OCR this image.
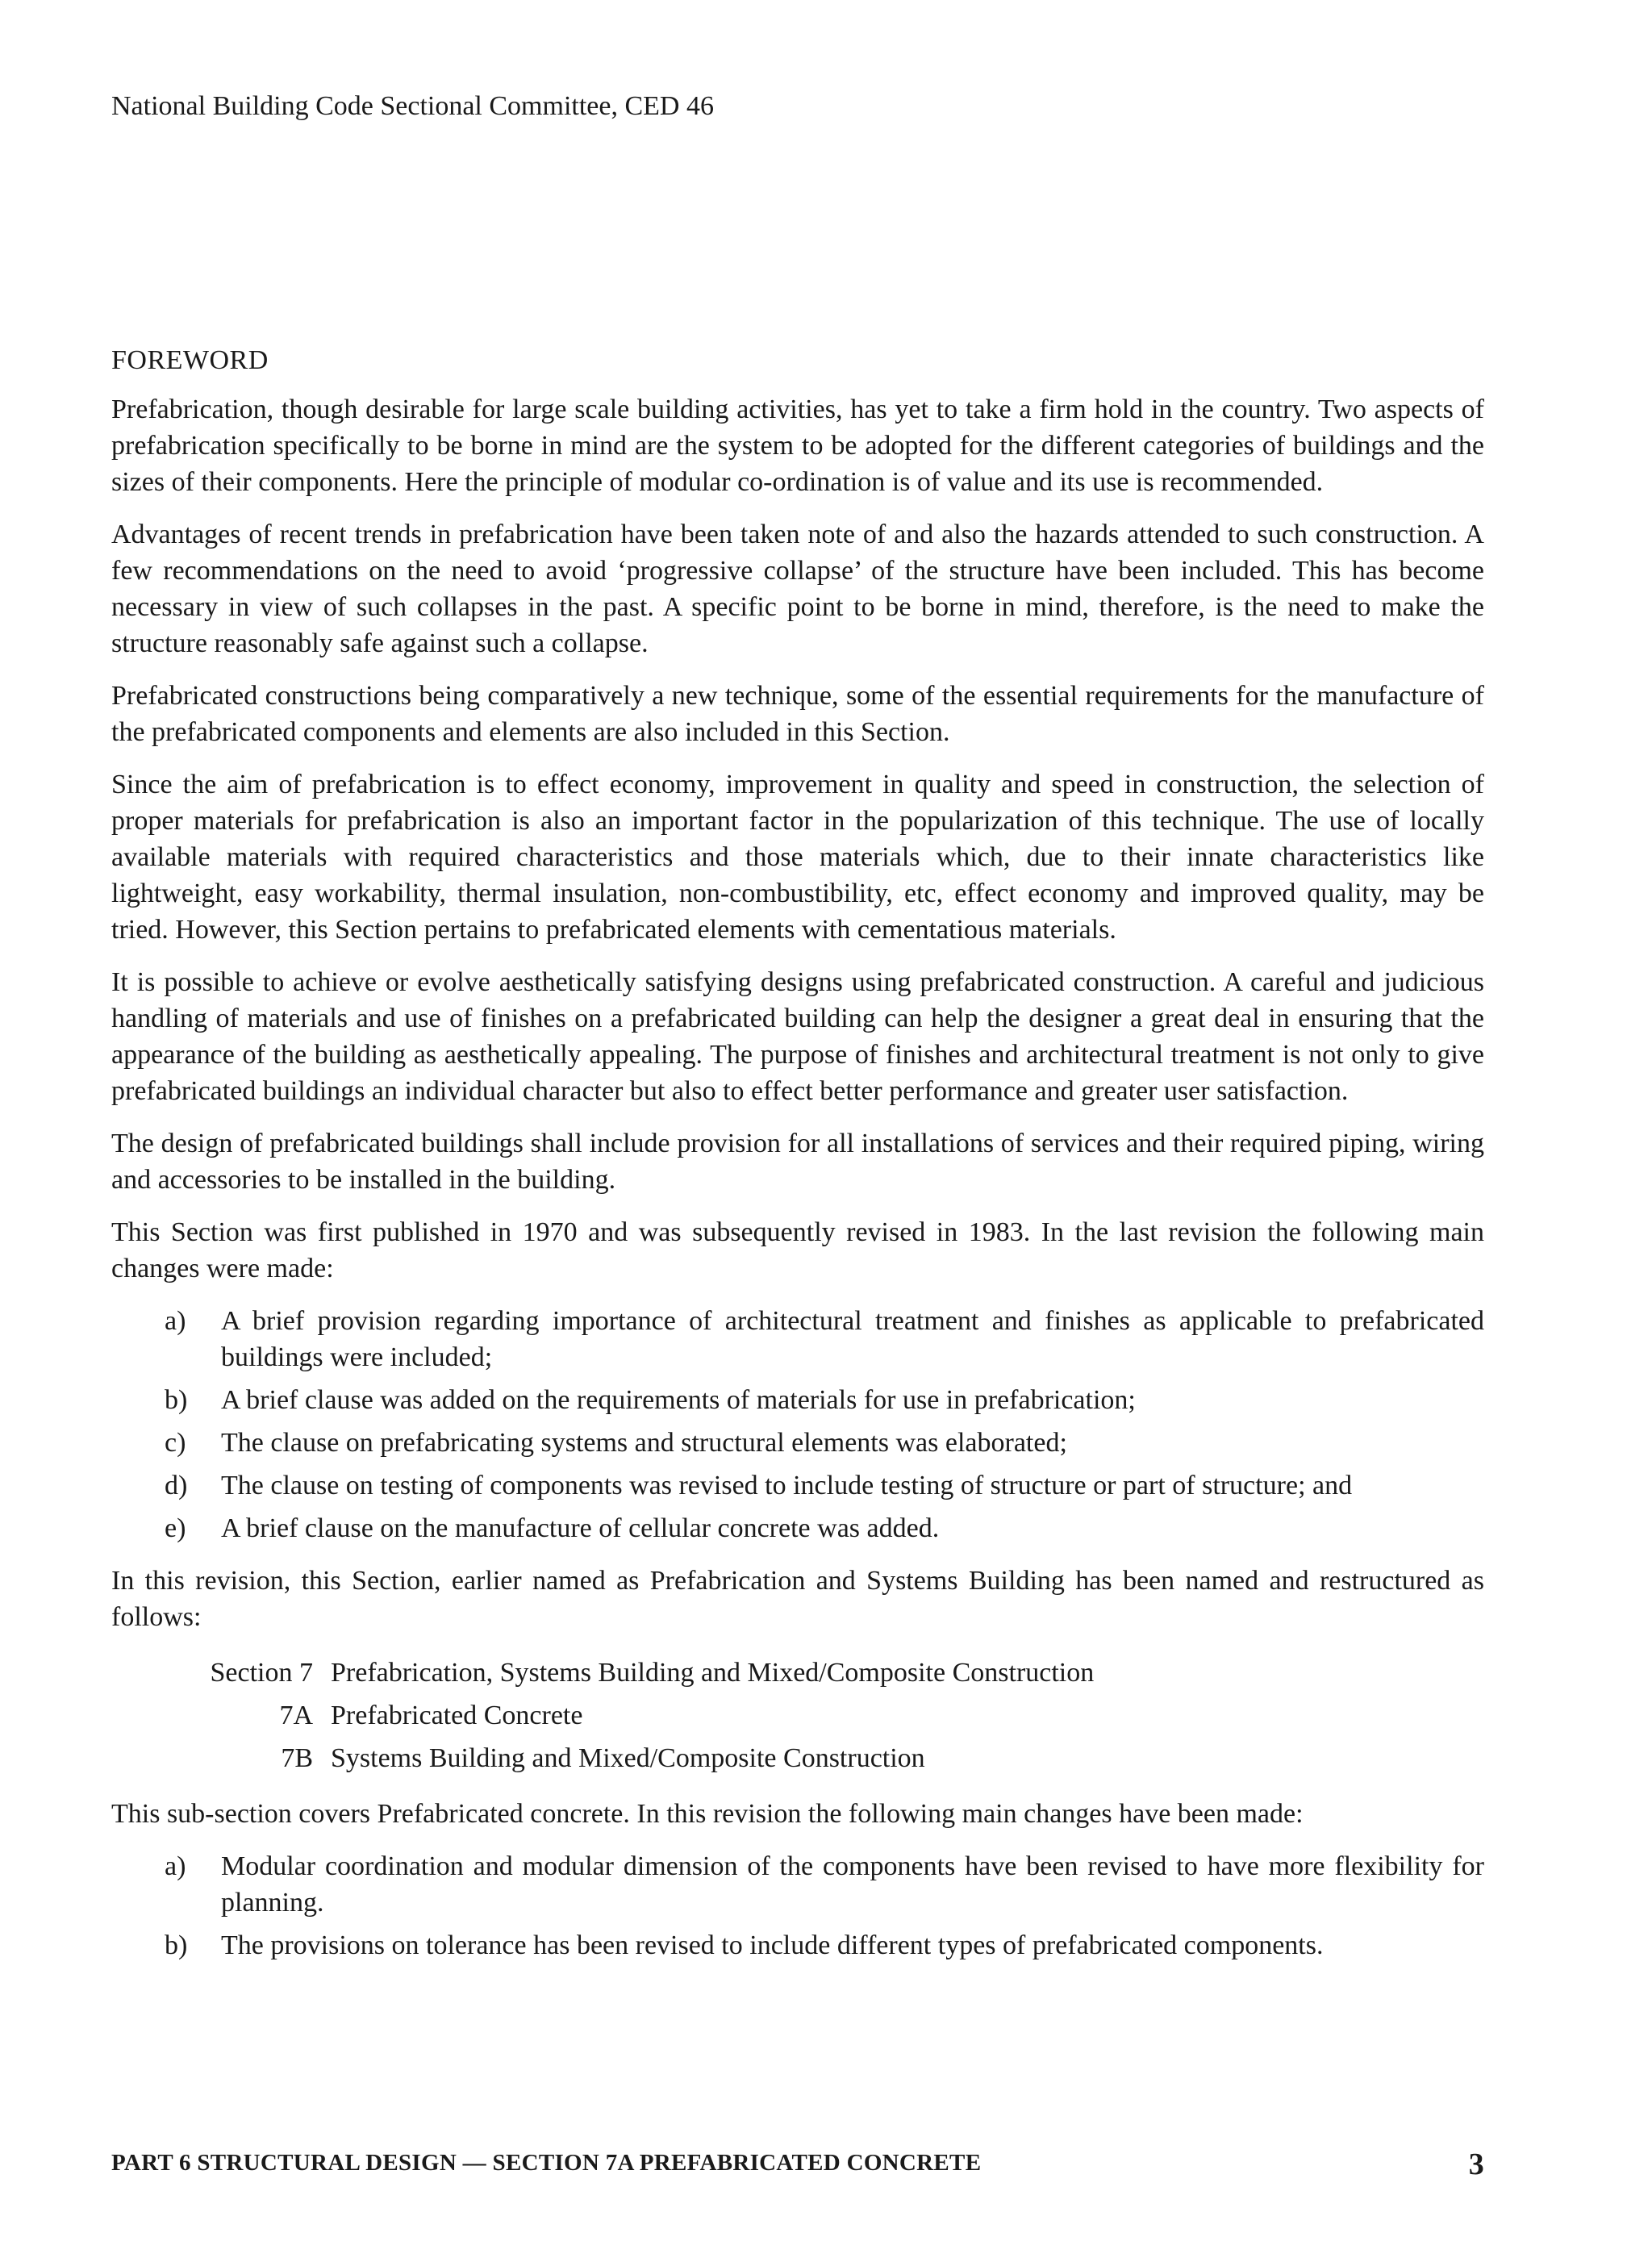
National Building Code Sectional Committee, CED 46
FOREWORD

Prefabrication, though desirable for large scale building activities, has yet to take a firm hold in the country. Two aspects of prefabrication specifically to be borne in mind are the system to be adopted for the different categories of buildings and the sizes of their components. Here the principle of modular co-ordination is of value and its use is recommended.

Advantages of recent trends in prefabrication have been taken note of and also the hazards attended to such construction. A few recommendations on the need to avoid ‘progressive collapse’ of the structure have been included. This has become necessary in view of such collapses in the past. A specific point to be borne in mind, therefore, is the need to make the structure reasonably safe against such a collapse.

Prefabricated constructions being comparatively a new technique, some of the essential requirements for the manufacture of the prefabricated components and elements are also included in this Section.

Since the aim of prefabrication is to effect economy, improvement in quality and speed in construction, the selection of proper materials for prefabrication is also an important factor in the popularization of this technique. The use of locally available materials with required characteristics and those materials which, due to their innate characteristics like lightweight, easy workability, thermal insulation, non-combustibility, etc, effect economy and improved quality, may be tried. However, this Section pertains to prefabricated elements with cementatious materials.

It is possible to achieve or evolve aesthetically satisfying designs using prefabricated construction. A careful and judicious handling of materials and use of finishes on a prefabricated building can help the designer a great deal in ensuring that the appearance of the building as aesthetically appealing. The purpose of finishes and architectural treatment is not only to give prefabricated buildings an individual character but also to effect better performance and greater user satisfaction.

The design of prefabricated buildings shall include provision for all installations of services and their required piping, wiring and accessories to be installed in the building.

This Section was first published in 1970 and was subsequently revised in 1983. In the last revision the following main changes were made:

a)	A brief provision regarding importance of architectural treatment and finishes as applicable to prefabricated buildings were included;
b)	A brief clause was added on the requirements of materials for use in prefabrication;
c)	The clause on prefabricating systems and structural elements was elaborated;
d)	The clause on testing of components was revised to include testing of structure or part of structure; and
e)	A brief clause on the manufacture of cellular concrete was added.

In this revision, this Section, earlier named as Prefabrication and Systems Building has been named and restructured as follows:

Section 7 Prefabrication, Systems Building and Mixed/Composite Construction
7A Prefabricated Concrete
7B Systems Building and Mixed/Composite Construction

This sub-section covers Prefabricated concrete. In this revision the following main changes have been made:

a)	Modular coordination and modular dimension of the components have been revised to have more flexibility for planning.
b)	The provisions on tolerance has been revised to include different types of prefabricated components.
PART 6 STRUCTURAL DESIGN — SECTION 7A PREFABRICATED CONCRETE	3
